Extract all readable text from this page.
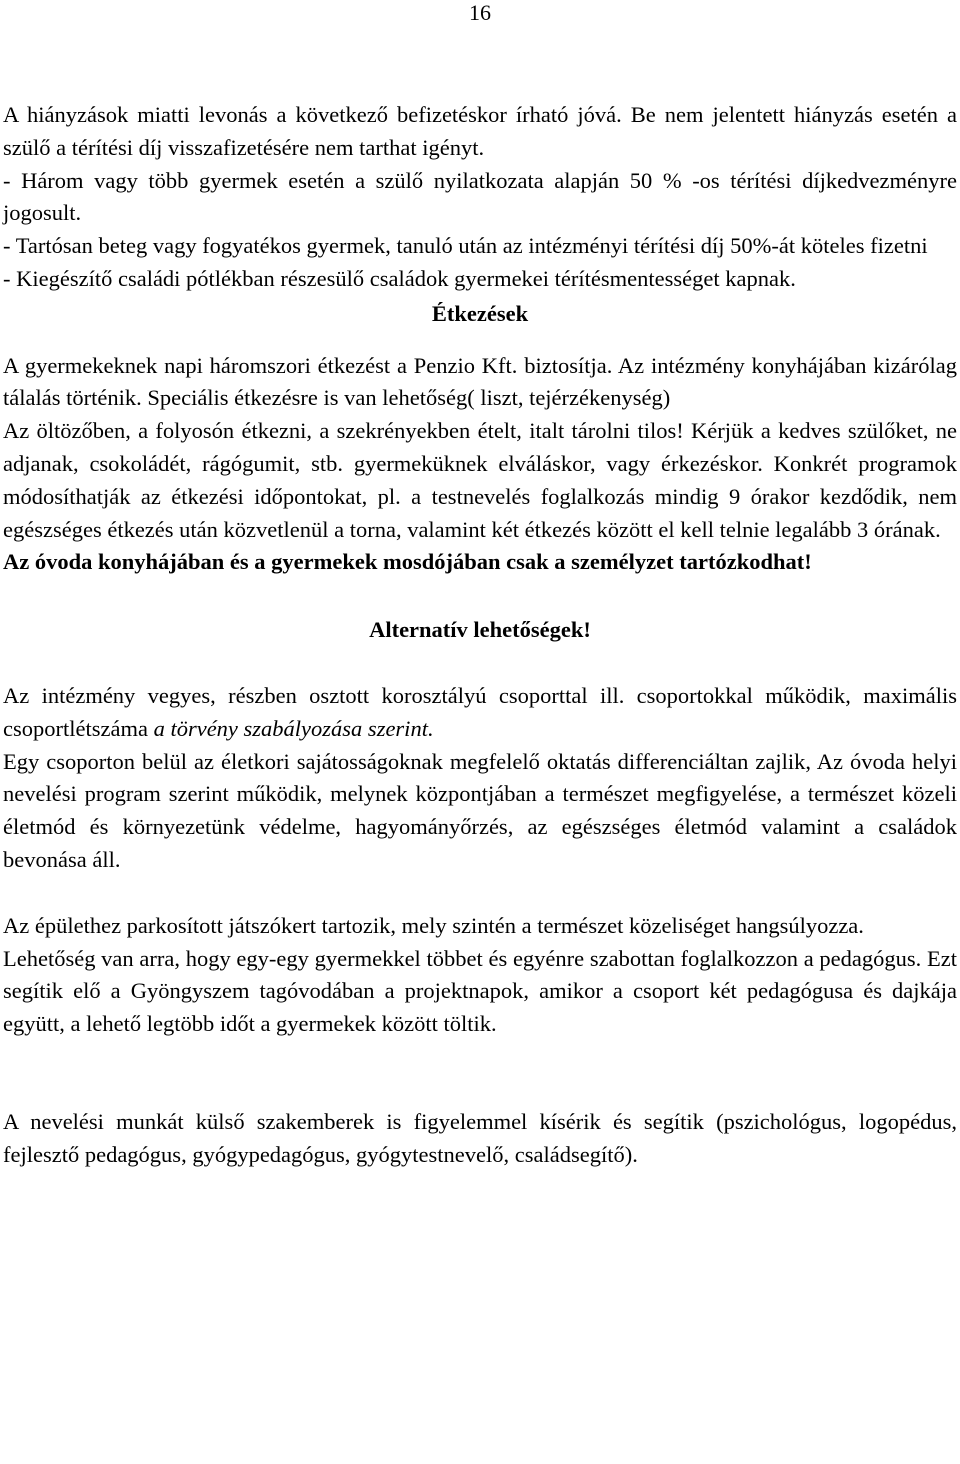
16

A hiányzások miatti levonás a következő befizetéskor írható jóvá. Be nem jelentett hiányzás esetén a szülő a térítési díj visszafizetésére nem tarthat igényt.

- Három vagy több gyermek esetén a szülő nyilatkozata alapján 50 % -os térítési díjkedvezményre jogosult.

- Tartósan beteg vagy fogyatékos gyermek, tanuló után az intézményi térítési díj 50%-át köteles fizetni

- Kiegészítő családi pótlékban részesülő családok gyermekei térítésmentességet kapnak.

Étkezések

A gyermekeknek napi háromszori étkezést a Penzio Kft. biztosítja. Az intézmény konyhájában kizárólag tálalás történik. Speciális étkezésre is van lehetőség( liszt, tejérzékenység)

Az öltözőben, a folyosón étkezni, a szekrényekben ételt, italt tárolni tilos! Kérjük a kedves szülőket, ne adjanak, csokoládét, rágógumit, stb. gyermeküknek elváláskor, vagy érkezéskor. Konkrét programok módosíthatják az étkezési időpontokat, pl. a testnevelés foglalkozás mindig 9 órakor kezdődik, nem egészséges étkezés után közvetlenül a torna, valamint két étkezés között el kell telnie legalább 3 órának.

Az óvoda konyhájában és a gyermekek mosdójában csak a személyzet tartózkodhat!

Alternatív lehetőségek!

Az intézmény vegyes, részben osztott korosztályú csoporttal ill. csoportokkal működik, maximális csoportlétszáma a törvény szabályozása szerint.

Egy csoporton belül az életkori sajátosságoknak megfelelő oktatás differenciáltan zajlik, Az óvoda helyi nevelési program szerint működik, melynek központjában a természet megfigyelése, a természet közeli életmód és környezetünk védelme, hagyományőrzés, az egészséges életmód valamint a családok bevonása áll.

Az épülethez parkosított játszókert tartozik, mely szintén a természet közeliséget hangsúlyozza.

Lehetőség van arra, hogy egy-egy gyermekkel többet és egyénre szabottan foglalkozzon a pedagógus. Ezt segítik elő a Gyöngyszem tagóvodában a projektnapok, amikor a csoport két pedagógusa és dajkája együtt, a lehető legtöbb időt a gyermekek között töltik.

A nevelési munkát külső szakemberek is figyelemmel kísérik és segítik (pszichológus, logopédus, fejlesztő pedagógus, gyógypedagógus, gyógytestnevelő, családsegítő).
